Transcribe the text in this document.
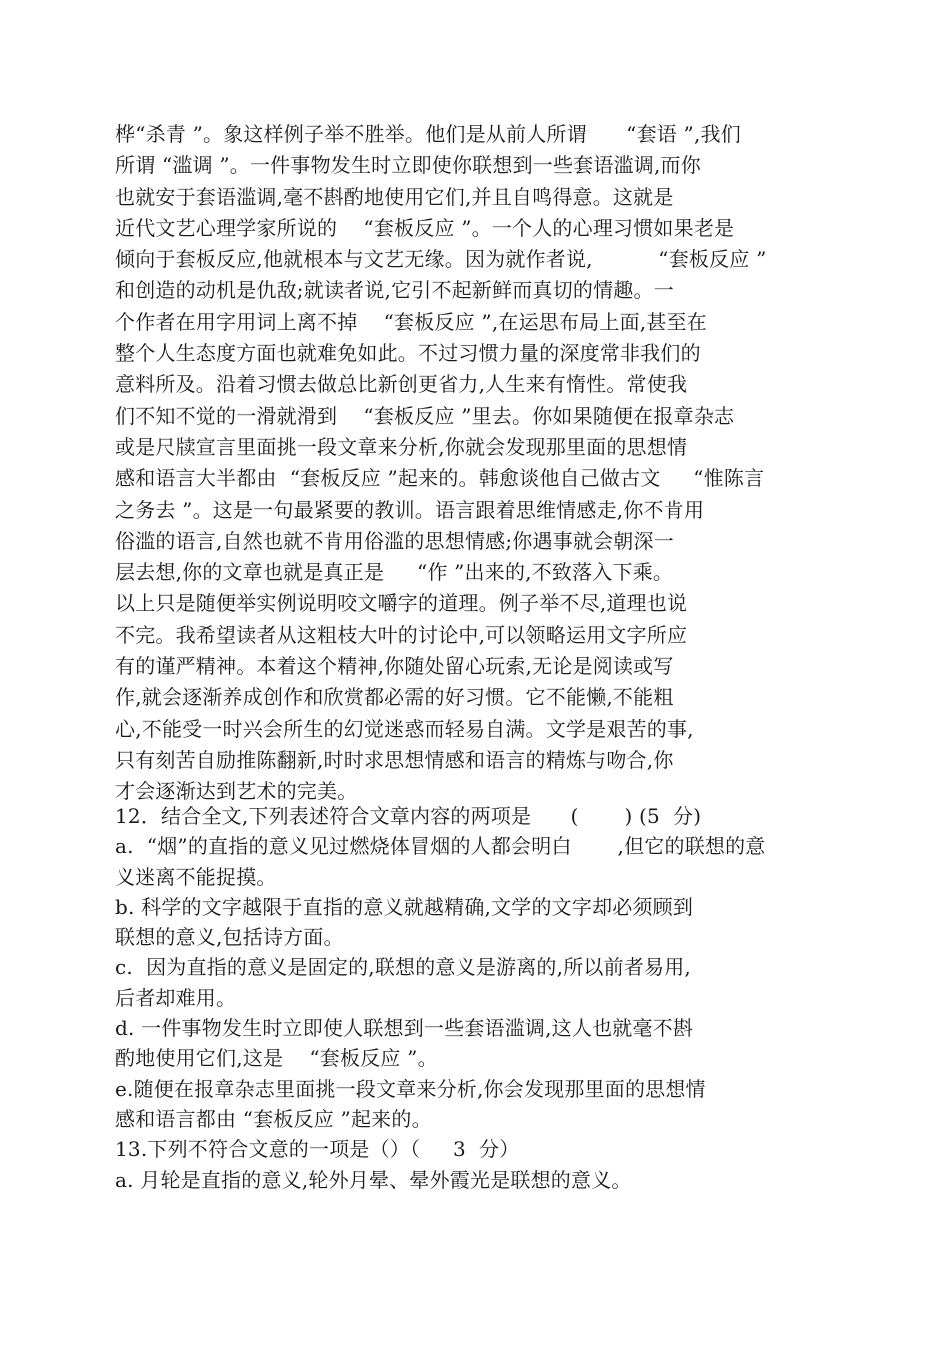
桦“杀青 ”。象这样例子举不胜举。他们是从前人所谓      “套语 ”,我们
所谓 “滥调 ”。一件事物发生时立即使你联想到一些套语滥调,而你
也就安于套语滥调,毫不斟酌地使用它们,并且自鸣得意。这就是
近代文艺心理学家所说的    “套板反应 ”。一个人的心理习惯如果老是
倾向于套板反应,他就根本与文艺无缘。因为就作者说,          “套板反应 ”
和创造的动机是仇敌;就读者说,它引不起新鲜而真切的情趣。一
个作者在用字用词上离不掉    “套板反应 ”,在运思布局上面,甚至在
整个人生态度方面也就难免如此。不过习惯力量的深度常非我们的
意料所及。沿着习惯去做总比新创更省力,人生来有惰性。常使我
们不知不觉的一滑就滑到    “套板反应 ”里去。你如果随便在报章杂志
或是尺牍宣言里面挑一段文章来分析,你就会发现那里面的思想情
感和语言大半都由  “套板反应 ”起来的。韩愈谈他自己做古文     “惟陈言
之务去 ”。这是一句最紧要的教训。语言跟着思维情感走,你不肯用
俗滥的语言,自然也就不肯用俗滥的思想情感;你遇事就会朝深一
层去想,你的文章也就是真正是     “作 ”出来的,不致落入下乘。
以上只是随便举实例说明咬文嚼字的道理。例子举不尽,道理也说
不完。我希望读者从这粗枝大叶的讨论中,可以领略运用文字所应
有的谨严精神。本着这个精神,你随处留心玩索,无论是阅读或写
作,就会逐渐养成创作和欣赏都必需的好习惯。它不能懒,不能粗
心,不能受一时兴会所生的幻觉迷惑而轻易自满。文学是艰苦的事,
只有刻苦自励推陈翻新,时时求思想情感和语言的精炼与吻合,你
才会逐渐达到艺术的完美。
12．结合全文,下列表述符合文章内容的两项是      (       ) (5  分)
a.  “烟”的直指的意义见过燃烧体冒烟的人都会明白       ,但它的联想的意
义迷离不能捉摸。
b. 科学的文字越限于直指的意义就越精确,文学的文字却必须顾到
联想的意义,包括诗方面。
c.  因为直指的意义是固定的,联想的意义是游离的,所以前者易用,
后者却难用。
d. 一件事物发生时立即使人联想到一些套语滥调,这人也就毫不斟
酌地使用它们,这是    “套板反应 ”。
e.随便在报章杂志里面挑一段文章来分析,你会发现那里面的思想情
感和语言都由 “套板反应 ”起来的。
13.下列不符合文意的一项是（）（     3  分）
a. 月轮是直指的意义,轮外月晕、晕外霞光是联想的意义。
